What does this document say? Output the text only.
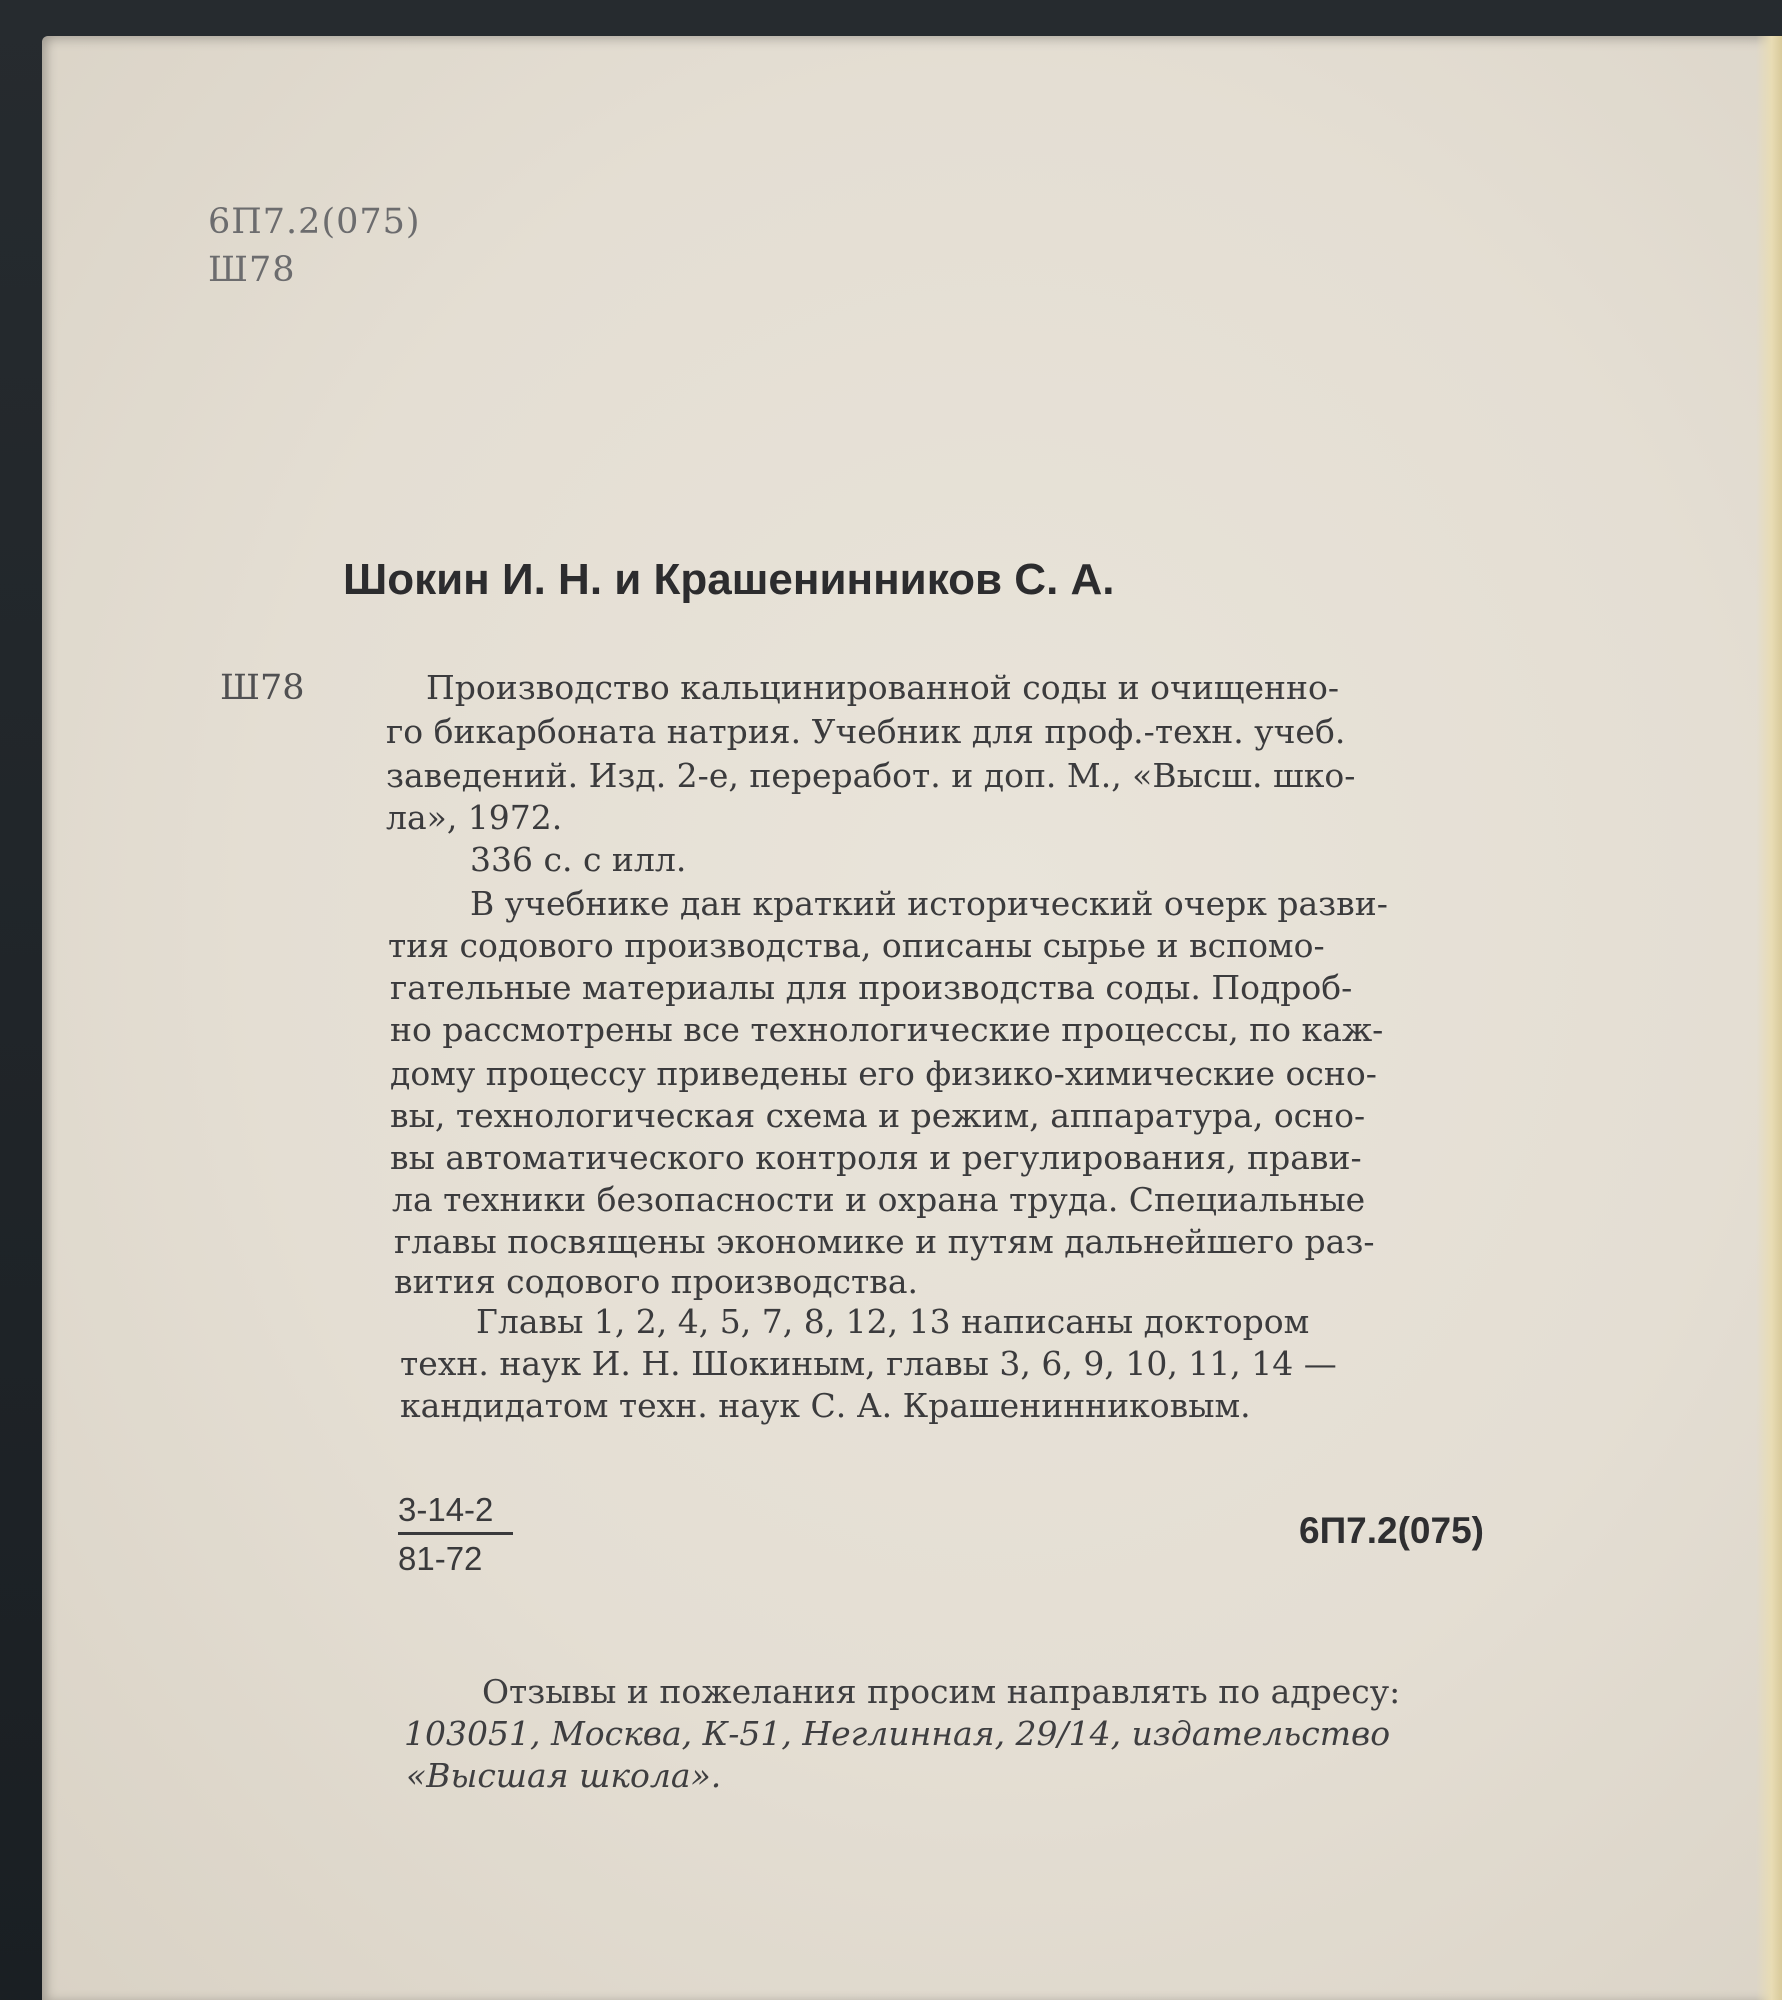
6П7.2(075)

Ш78

Шокин И. Н. и Крашенинников С. А.

Ш78	Производство кальцинированной соды и очищенно-

го бикарбоната натрия. Учебник для проф.-техн. учеб.

заведений. Изд. 2-е, переработ. и доп. М., «Высш. шко-

ла», 1972.

336 с. с илл.

В учебнике дан краткий исторический очерк разви-

тия содового производства, описаны сырье и вспомо-

гательные материалы для производства соды. Подроб-

но рассмотрены все технологические процессы, по каж-

дому процессу приведены его физико-химические осно-

вы, технологическая схема и режим, аппаратура, осно-

вы автоматического контроля и регулирования, прави-

ла техники безопасности и охрана труда. Специальные

главы посвящены экономике и путям дальнейшего раз-

вития содового производства.

Главы 1, 2, 4, 5, 7, 8, 12, 13 написаны доктором

техн. наук И. Н. Шокиным, главы 3, 6, 9, 10, 11, 14 —

кандидатом техн. наук С. А. Крашенинниковым.

3-14-2
81-72

6П7.2(075)

Отзывы и пожелания просим направлять по адресу:

103051, Москва, К-51, Неглинная, 29/14, издательство

«Высшая школа».
